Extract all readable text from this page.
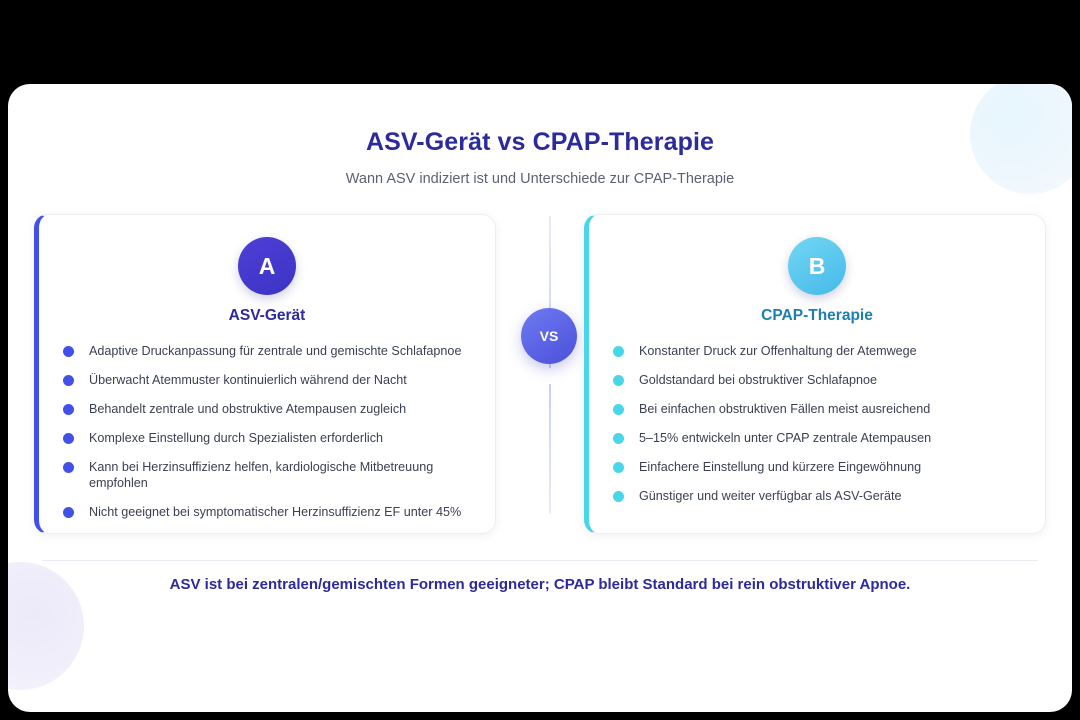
ASV-Gerät vs CPAP-Therapie
Wann ASV indiziert ist und Unterschiede zur CPAP-Therapie
A
ASV-Gerät
Adaptive Druckanpassung für zentrale und gemischte Schlafapnoe
Überwacht Atemmuster kontinuierlich während der Nacht
Behandelt zentrale und obstruktive Atempausen zugleich
Komplexe Einstellung durch Spezialisten erforderlich
Kann bei Herzinsuffizienz helfen, kardiologische Mitbetreuung empfohlen
Nicht geeignet bei symptomatischer Herzinsuffizienz EF unter 45%
VS
B
CPAP-Therapie
Konstanter Druck zur Offenhaltung der Atemwege
Goldstandard bei obstruktiver Schlafapnoe
Bei einfachen obstruktiven Fällen meist ausreichend
5–15% entwickeln unter CPAP zentrale Atempausen
Einfachere Einstellung und kürzere Eingewöhnung
Günstiger und weiter verfügbar als ASV-Geräte
ASV ist bei zentralen/gemischten Formen geeigneter; CPAP bleibt Standard bei rein obstruktiver Apnoe.
